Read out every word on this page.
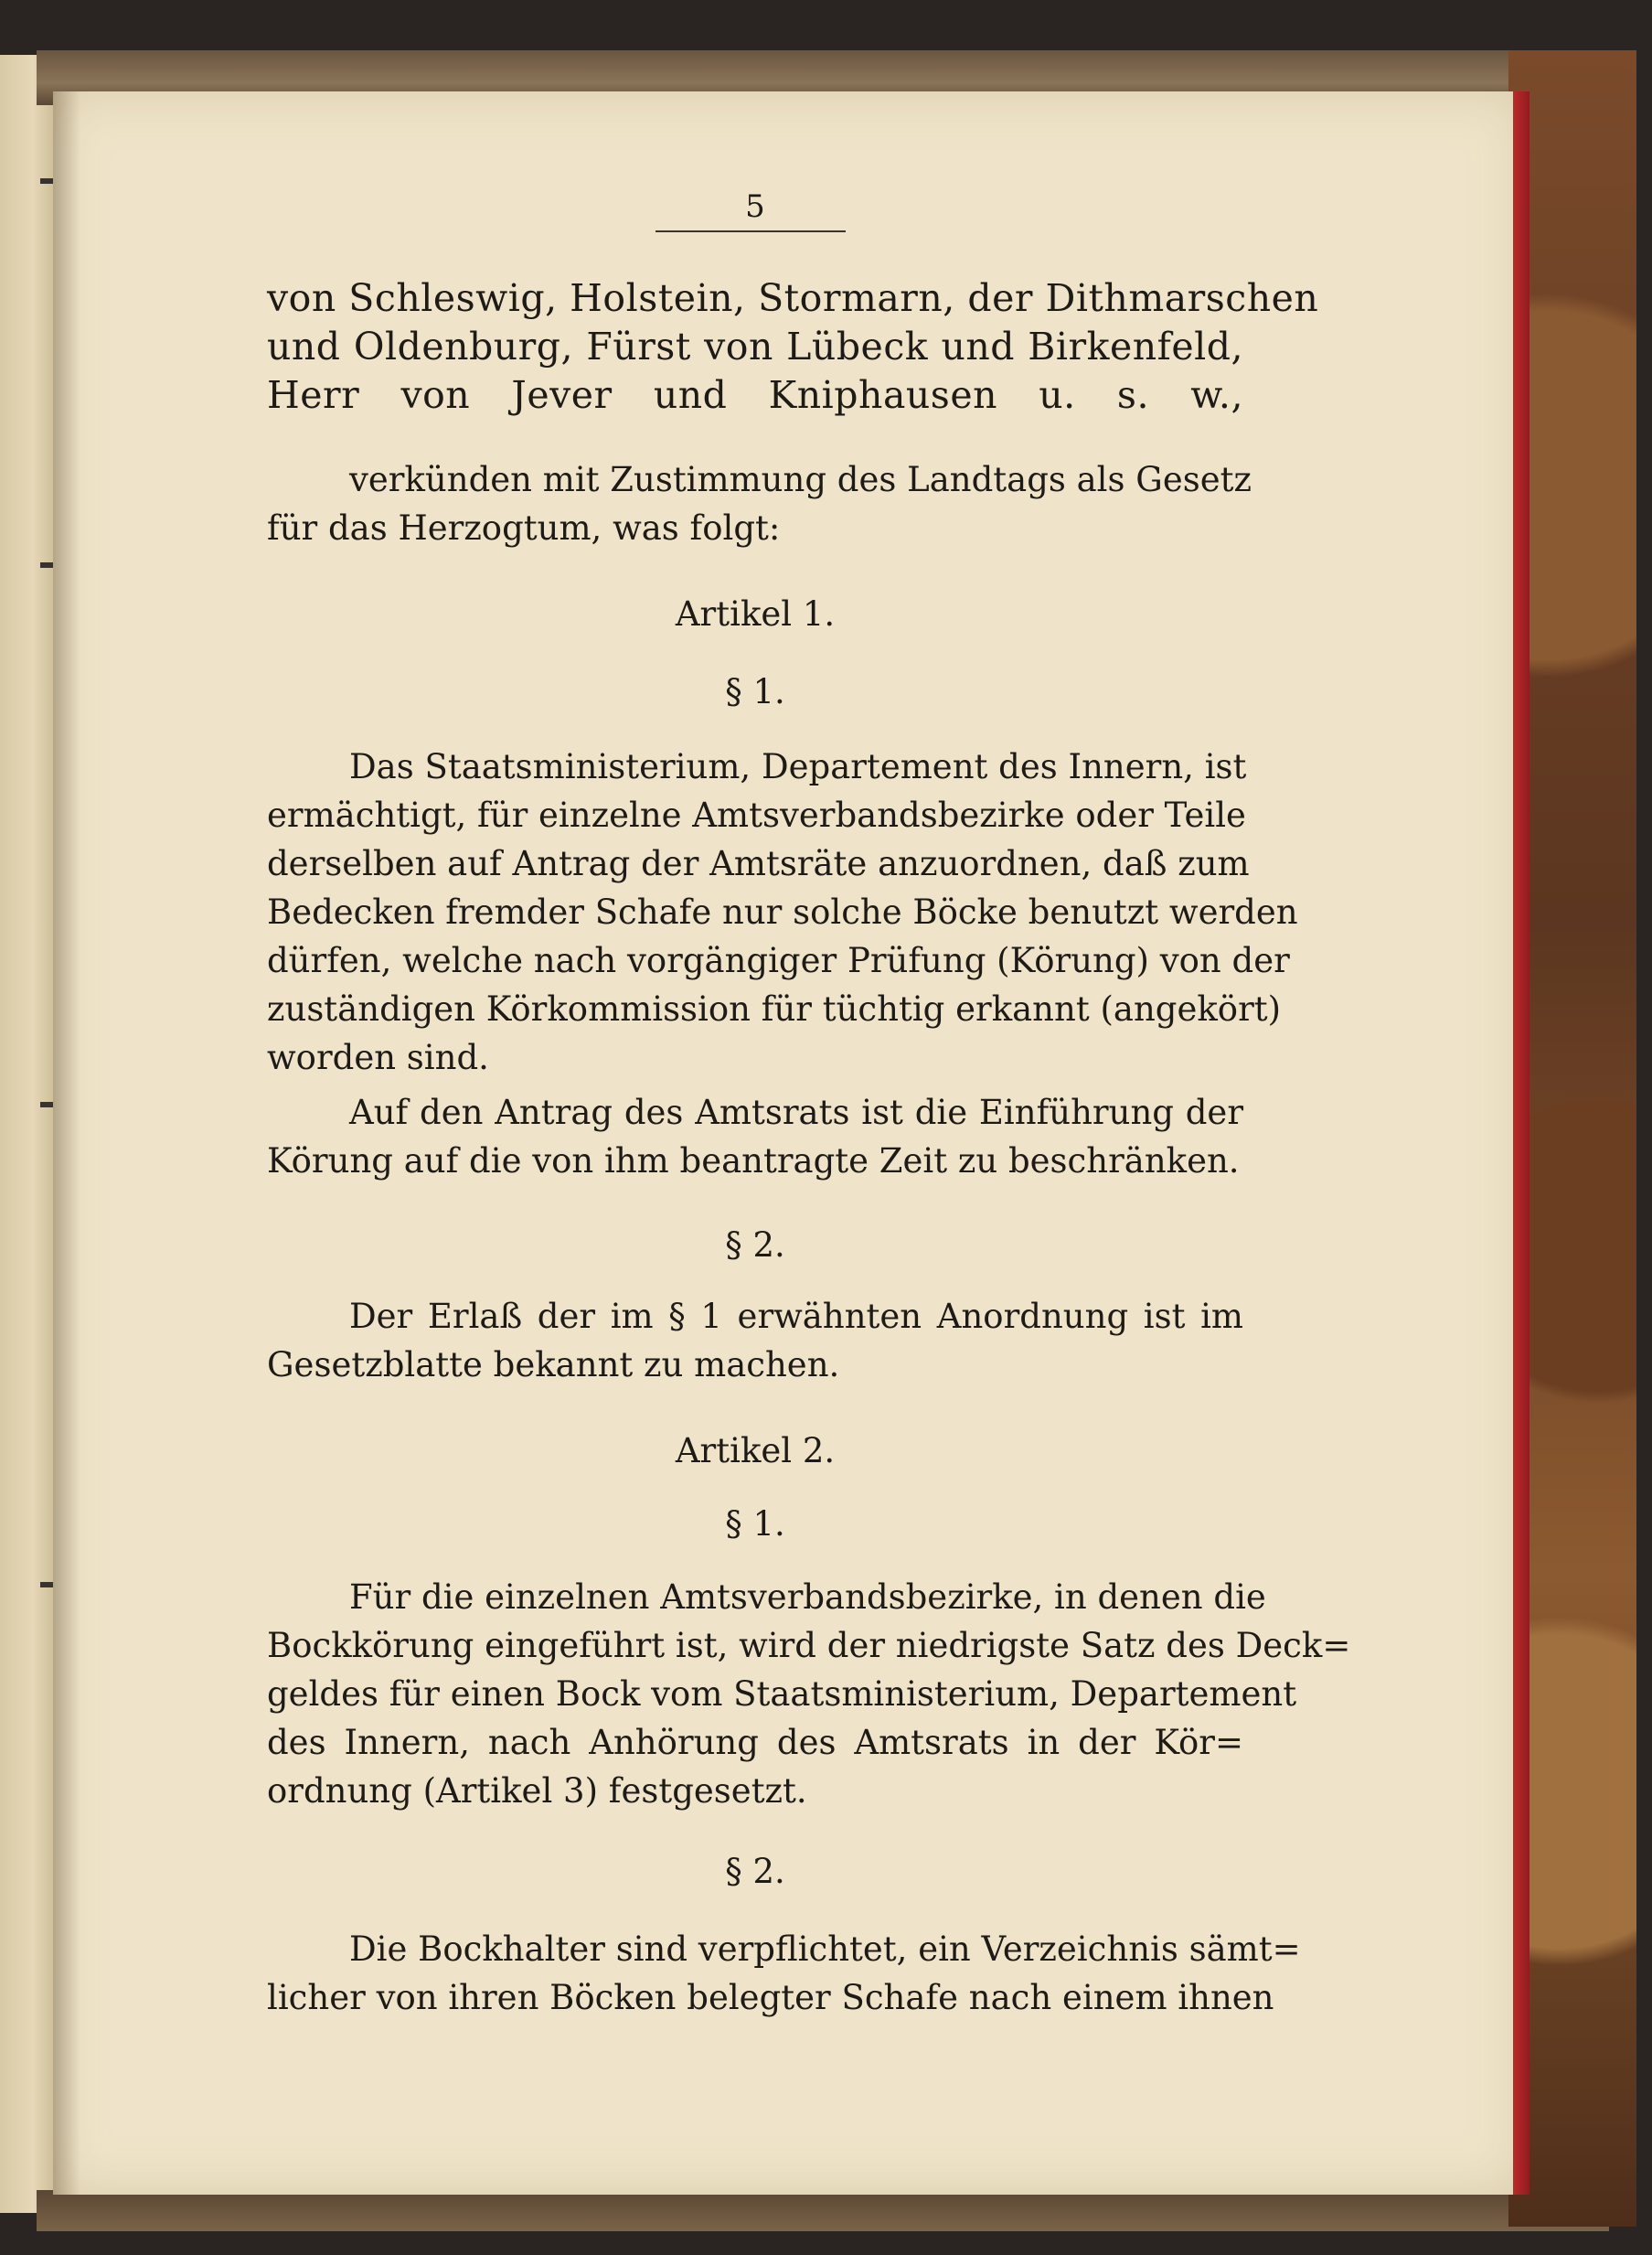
5
von Schleswig, Holstein, Stormarn, der Dithmarschen
und Oldenburg, Fürst von Lübeck und Birkenfeld,
Herr von Jever und Kniphausen u. s. w.,
verkünden mit Zustimmung des Landtags als Gesetz
für das Herzogtum, was folgt:
Artikel 1.
§ 1.
Das Staatsministerium, Departement des Innern, ist
ermächtigt, für einzelne Amtsverbandsbezirke oder Teile
derselben auf Antrag der Amtsräte anzuordnen, daß zum
Bedecken fremder Schafe nur solche Böcke benutzt werden
dürfen, welche nach vorgängiger Prüfung (Körung) von der
zuständigen Körkommission für tüchtig erkannt (angekört)
worden sind.
Auf den Antrag des Amtsrats ist die Einführung der
Körung auf die von ihm beantragte Zeit zu beschränken.
§ 2.
Der Erlaß der im § 1 erwähnten Anordnung ist im
Gesetzblatte bekannt zu machen.
Artikel 2.
§ 1.
Für die einzelnen Amtsverbandsbezirke, in denen die
Bockkörung eingeführt ist, wird der niedrigste Satz des Deck=
geldes für einen Bock vom Staatsministerium, Departement
des Innern, nach Anhörung des Amtsrats in der Kör=
ordnung (Artikel 3) festgesetzt.
§ 2.
Die Bockhalter sind verpflichtet, ein Verzeichnis sämt=
licher von ihren Böcken belegter Schafe nach einem ihnen
